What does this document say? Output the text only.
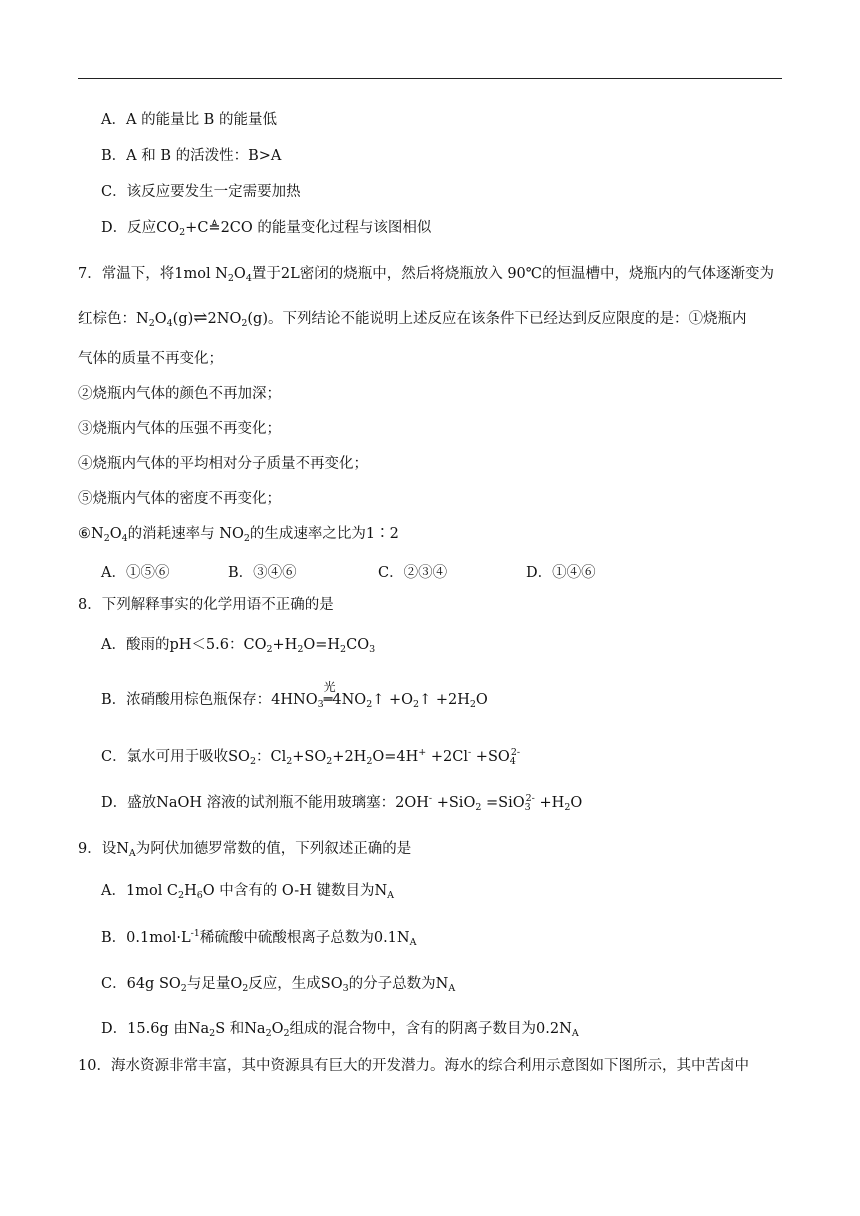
A．A 的能量比 B 的能量低
B．A 和 B 的活泼性：B>A
C．该反应要发生一定需要加热
D．反应$CO_2+C≜2CO$ 的能量变化过程与该图相似
7．常温下，将1mol $N_2O_4$置于2L密闭的烧瓶中，然后将烧瓶放入 90℃的恒温槽中，烧瓶内的气体逐渐变为
红棕色：$N_2O_4(g)\rightleftharpoons 2NO_2(g)$。下列结论不能说明上述反应在该条件下已经达到反应限度的是：①烧瓶内
气体的质量不再变化；
②烧瓶内气体的颜色不再加深；
③烧瓶内气体的压强不再变化；
④烧瓶内气体的平均相对分子质量不再变化；
⑤烧瓶内气体的密度不再变化；
$⑥N_2O_4$的消耗速率与 $NO_2$的生成速率之比为1∶2
A．①⑤⑥	B．③④⑥	C．②③④	D．①④⑥
8．下列解释事实的化学用语不正确的是
A．酸雨的pH＜5.6：$CO_2+H_2O=H_2CO_3$
B．浓硝酸用棕色瓶保存：$4HNO_3$
光
$═4NO_2↑$ $+O_2↑ +2H_2O$
C．氯水可用于吸收$SO_2$：$Cl_2+SO_2+2H_2O=4H^+ +2Cl^- +SO_4^{2-}$
D．盛放NaOH 溶液的试剂瓶不能用玻璃塞：$2OH^- +SiO_2 =SiO_3^{2-} +H_2O$
9．设$N_A$为阿伏加德罗常数的值，下列叙述正确的是
A．1mol $C_2H_6O$ 中含有的 O-H 键数目为$N_A$
B．$0.1mol\cdot L^{-1}$稀硫酸中硫酸根离子总数为$0.1N_A$
C．64g $SO_2$与足量$O_2$反应，生成$SO_3$的分子总数为$N_A$
D．15.6g 由$Na_2S$ 和$Na_2O_2$组成的混合物中，含有的阴离子数目为$0.2N_A$
10．海水资源非常丰富，其中资源具有巨大的开发潜力。海水的综合利用示意图如下图所示，其中苦卤中
